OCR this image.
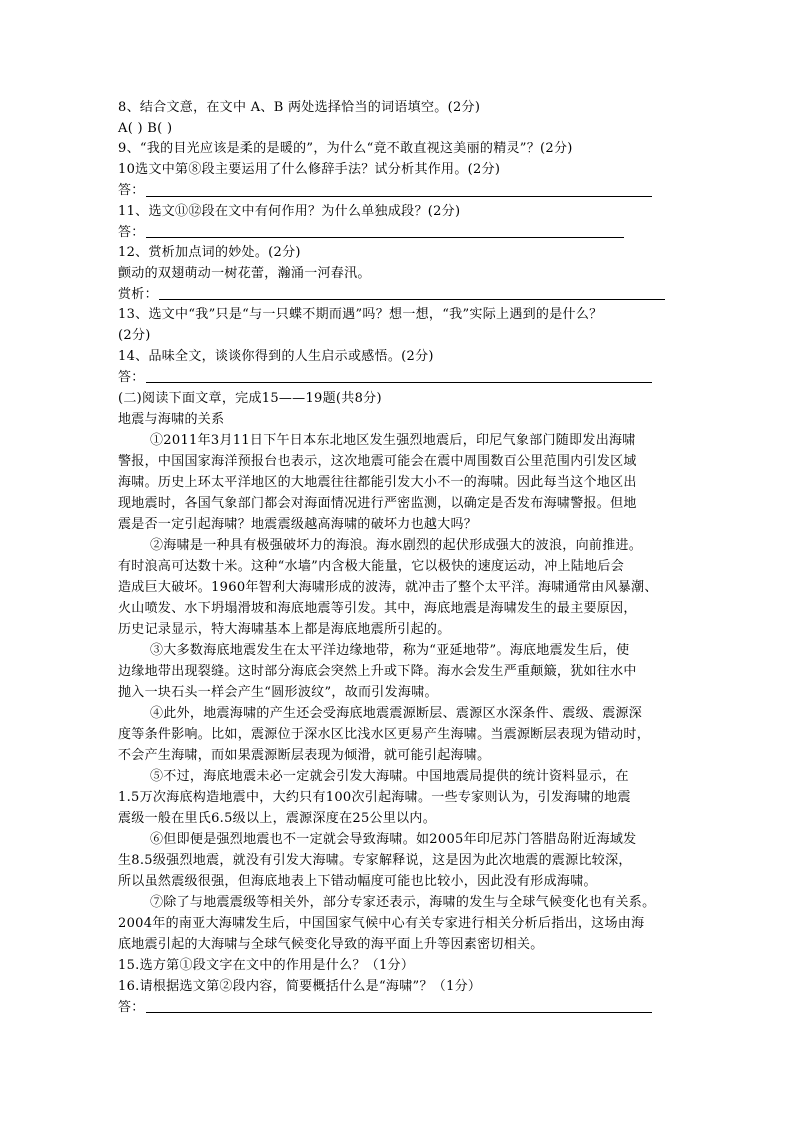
8、结合文意，在文中 A、B 两处选择恰当的词语填空。(2分)
A( ) B( )
9、“我的目光应该是柔的是暖的”，为什么“竟不敢直视这美丽的精灵”？(2分)
10选文中第⑧段主要运用了什么修辞手法？试分析其作用。(2分)
答：
11、选文⑪⑫段在文中有何作用？为什么单独成段？(2分)
答：
12、赏析加点词的妙处。(2分)
颤动的双翅萌动一树花蕾，瀚涌一河春汛。
赏析：
13、选文中“我”只是“与一只蝶不期而遇”吗？想一想，“我”实际上遇到的是什么？
(2分)
14、品味全文，谈谈你得到的人生启示或感悟。(2分)
答：
(二)阅读下面文章，完成15——19题(共8分)
地震与海啸的关系
①2011年3月11日下午日本东北地区发生强烈地震后，印尼气象部门随即发出海啸
警报，中国国家海洋预报台也表示，这次地震可能会在震中周围数百公里范围内引发区域
海啸。历史上环太平洋地区的大地震往往都能引发大小不一的海啸。因此每当这个地区出
现地震时，各国气象部门都会对海面情况进行严密监测，以确定是否发布海啸警报。但地
震是否一定引起海啸？地震震级越高海啸的破坏力也越大吗？
②海啸是一种具有极强破坏力的海浪。海水剧烈的起伏形成强大的波浪，向前推进。
有时浪高可达数十米。这种“水墙”内含极大能量，它以极快的速度运动，冲上陆地后会
造成巨大破坏。1960年智利大海啸形成的波涛，就冲击了整个太平洋。海啸通常由风暴潮、
火山喷发、水下坍塌滑坡和海底地震等引发。其中，海底地震是海啸发生的最主要原因，
历史记录显示，特大海啸基本上都是海底地震所引起的。
③大多数海底地震发生在太平洋边缘地带，称为“亚延地带”。海底地震发生后，使
边缘地带出现裂缝。这时部分海底会突然上升或下降。海水会发生严重颠簸，犹如往水中
抛入一块石头一样会产生“圆形波纹”，故而引发海啸。
④此外，地震海啸的产生还会受海底地震震源断层、震源区水深条件、震级、震源深
度等条件影响。比如，震源位于深水区比浅水区更易产生海啸。当震源断层表现为错动时，
不会产生海啸，而如果震源断层表现为倾滑，就可能引起海啸。
⑤不过，海底地震未必一定就会引发大海啸。中国地震局提供的统计资料显示，在
1.5万次海底构造地震中，大约只有100次引起海啸。一些专家则认为，引发海啸的地震
震级一般在里氏6.5级以上，震源深度在25公里以内。
⑥但即便是强烈地震也不一定就会导致海啸。如2005年印尼苏门答腊岛附近海域发
生8.5级强烈地震，就没有引发大海啸。专家解释说，这是因为此次地震的震源比较深，
所以虽然震级很强，但海底地表上下错动幅度可能也比较小，因此没有形成海啸。
⑦除了与地震震级等相关外，部分专家还表示，海啸的发生与全球气候变化也有关系。
2004年的南亚大海啸发生后，中国国家气候中心有关专家进行相关分析后指出，这场由海
底地震引起的大海啸与全球气候变化导致的海平面上升等因素密切相关。
15.选方第①段文字在文中的作用是什么？（1分）
16.请根据选文第②段内容，简要概括什么是“海啸”？（1分）
答：
